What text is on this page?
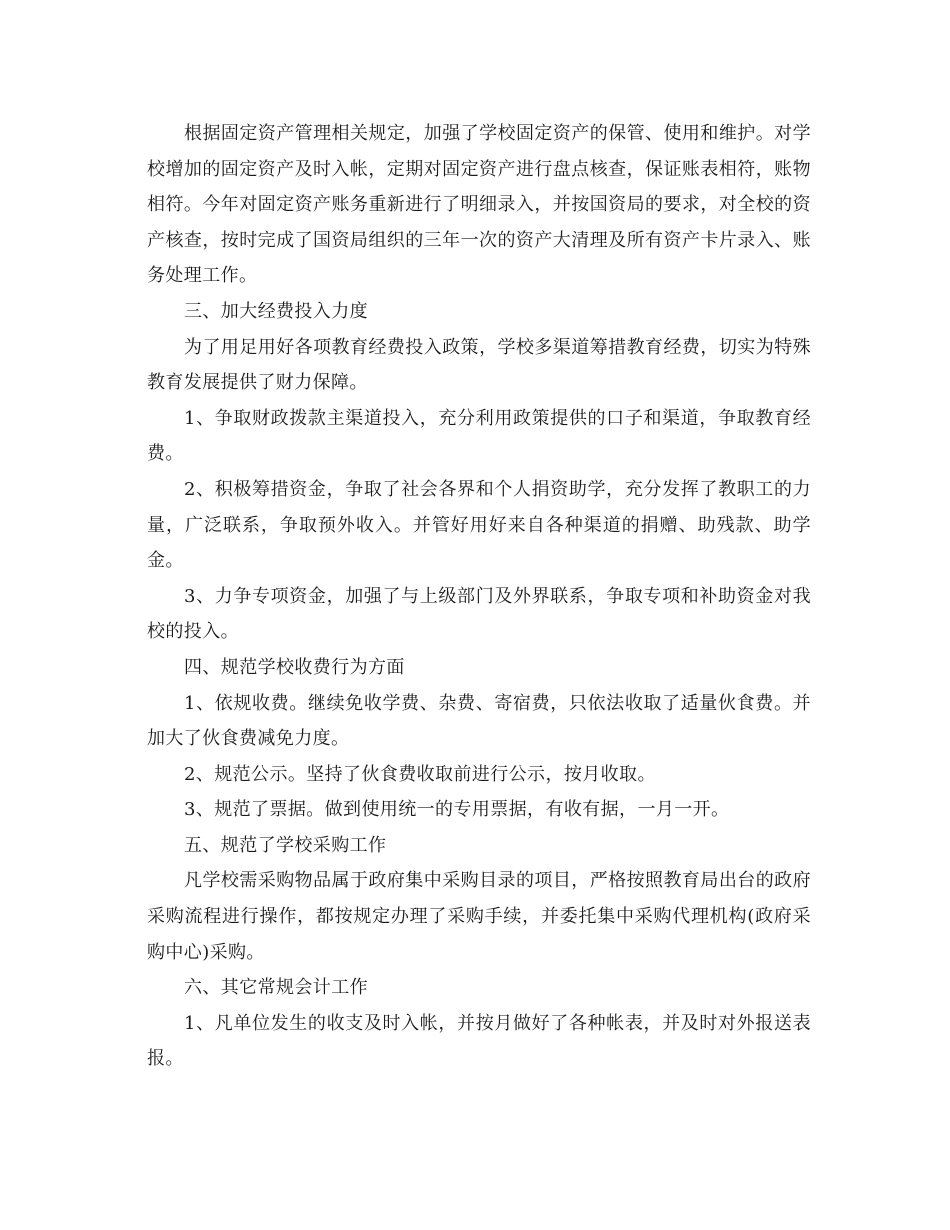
根据固定资产管理相关规定，加强了学校固定资产的保管、使用和维护。对学校增加的固定资产及时入帐，定期对固定资产进行盘点核查，保证账表相符，账物相符。今年对固定资产账务重新进行了明细录入，并按国资局的要求，对全校的资产核查，按时完成了国资局组织的三年一次的资产大清理及所有资产卡片录入、账务处理工作。

三、加大经费投入力度

为了用足用好各项教育经费投入政策，学校多渠道筹措教育经费，切实为特殊教育发展提供了财力保障。

1、争取财政拨款主渠道投入，充分利用政策提供的口子和渠道，争取教育经费。

2、积极筹措资金，争取了社会各界和个人捐资助学，充分发挥了教职工的力量，广泛联系，争取预外收入。并管好用好来自各种渠道的捐赠、助残款、助学金。

3、力争专项资金，加强了与上级部门及外界联系，争取专项和补助资金对我校的投入。

四、规范学校收费行为方面

1、依规收费。继续免收学费、杂费、寄宿费，只依法收取了适量伙食费。并加大了伙食费减免力度。

2、规范公示。坚持了伙食费收取前进行公示，按月收取。

3、规范了票据。做到使用统一的专用票据，有收有据，一月一开。

五、规范了学校采购工作

凡学校需采购物品属于政府集中采购目录的项目，严格按照教育局出台的政府采购流程进行操作，都按规定办理了采购手续，并委托集中采购代理机构(政府采购中心)采购。

六、其它常规会计工作

1、凡单位发生的收支及时入帐，并按月做好了各种帐表，并及时对外报送表报。
